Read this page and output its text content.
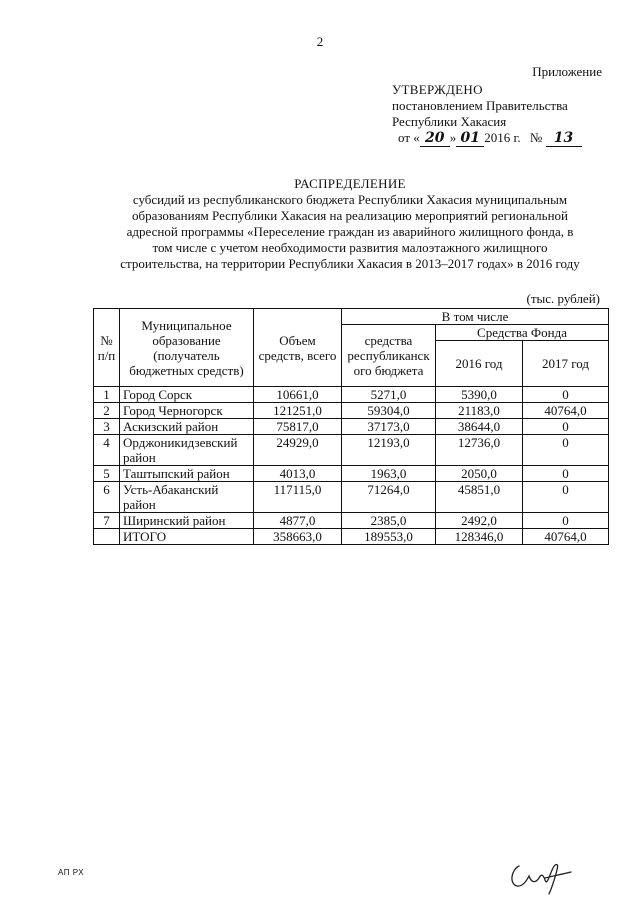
2
Приложение
УТВЕРЖДЕНО
постановлением Правительства
Республики Хакасия
от « 20 » 01 2016 г. № 13
РАСПРЕДЕЛЕНИЕ
субсидий из республиканского бюджета Республики Хакасия муниципальным
образованиям Республики Хакасия на реализацию мероприятий региональной
адресной программы «Переселение граждан из аварийного жилищного фонда, в
том числе с учетом необходимости развития малоэтажного жилищного
строительства, на территории Республики Хакасия в 2013–2017 годах» в 2016 году
(тыс. рублей)
№ п/п	Муниципальное образование (получатель бюджетных средств)	Объем средств, всего	В том числе		
			средства республиканск ого бюджета	Средства Фонда	
				2016 год	2017 год
1	Город Сорск	10661,0	5271,0	5390,0	0
2	Город Черногорск	121251,0	59304,0	21183,0	40764,0
3	Аскизский район	75817,0	37173,0	38644,0	0
4	Орджоникидзевский район	24929,0	12193,0	12736,0	0
5	Таштыпский район	4013,0	1963,0	2050,0	0
6	Усть-Абаканский район	117115,0	71264,0	45851,0	0
7	Ширинский район	4877,0	2385,0	2492,0	0
	ИТОГО	358663,0	189553,0	128346,0	40764,0
АП РХ
